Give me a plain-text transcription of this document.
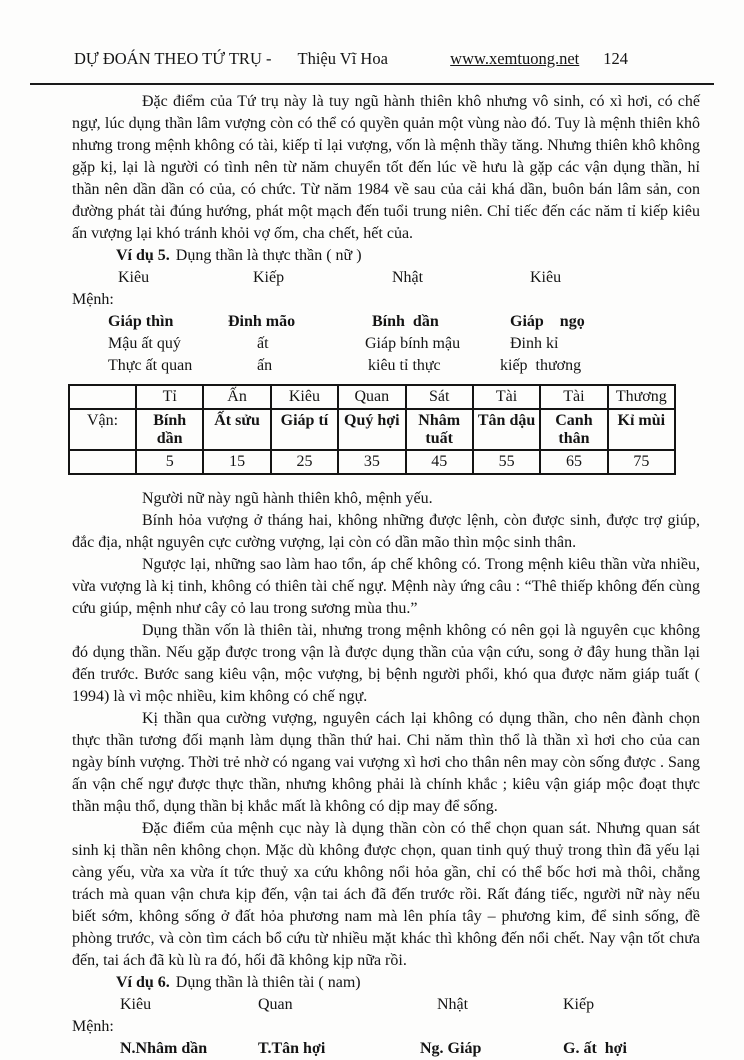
DỰ ĐOÁN THEO TỨ TRỤ - Thiệu Vĩ Hoa	www.xemtuong.net 124

Đặc điểm của Tứ trụ này là tuy ngũ hành thiên khô nhưng vô sinh, có xì hơi, có chế ngự, lúc dụng thần lâm vượng còn có thể có quyền quản một vùng nào đó. Tuy là mệnh thiên khô nhưng trong mệnh không có tài, kiếp tỉ lại vượng, vốn là mệnh thầy tăng. Nhưng thiên khô không gặp kị, lại là người có tình nên từ năm chuyển tốt đến lúc về hưu là gặp các vận dụng thần, hỉ thần nên dần dần có của, có chức. Từ năm 1984 về sau của cải khá dần, buôn bán lâm sản, con đường phát tài đúng hướng, phát một mạch đến tuổi trung niên. Chỉ tiếc đến các năm tỉ kiếp kiêu ấn vượng lại khó tránh khỏi vợ ốm, cha chết, hết của.

Ví dụ 5. Dụng thần là thực thần ( nữ )
Kiêu	Kiếp	Nhật	Kiêu
Mệnh:
Giáp thìn	Đinh mão	Bính  dần	Giáp    ngọ
Mậu ất quý	ất	Giáp bính mậu	Đinh kỉ
Thực ất quan	ấn	kiêu tỉ thực	kiếp  thương
	Tỉ	Ấn	Kiêu	Quan	Sát	Tài	Tài	Thương
Vận:	Bính dần	Ất sửu	Giáp tí	Quý hợi	Nhâm tuất	Tân dậu	Canh thân	Kỉ mùi
	5	15	25	35	45	55	65	75

Người nữ này ngũ hành thiên khô, mệnh yếu.

Bính hỏa vượng ở tháng hai, không những được lệnh, còn được sinh, được trợ giúp, đắc địa, nhật nguyên cực cường vượng, lại còn có dần mão thìn mộc sinh thân.

Ngược lại, những sao làm hao tổn, áp chế không có. Trong mệnh kiêu thần vừa nhiều, vừa vượng là kị tinh, không có thiên tài chế ngự. Mệnh này ứng câu : “Thê thiếp không đến cùng cứu giúp, mệnh như cây cỏ lau trong sương mùa thu.”

Dụng thần vốn là thiên tài, nhưng trong mệnh không có nên gọi là nguyên cục không đó dụng thần. Nếu gặp được trong vận là được dụng thần của vận cứu, song ở đây hung thần lại đến trước. Bước sang kiêu vận, mộc vượng, bị bệnh người phổi, khó qua được năm giáp tuất ( 1994) là vì mộc nhiều, kim không có chế ngự.

Kị thần qua cường vượng, nguyên cách lại không có dụng thần, cho nên đành chọn thực thần tương đối mạnh làm dụng thần thứ hai. Chi năm thìn thổ là thần xì hơi cho của can ngày bính vượng. Thời trẻ nhờ có ngang vai vượng xì hơi cho thân nên may còn sống được . Sang ấn vận chế ngự được thực thần, nhưng không phải là chính khắc ; kiêu vận giáp mộc đoạt thực thần mậu thổ, dụng thần bị khắc mất là không có dịp may để sống.

Đặc điểm của mệnh cục này là dụng thần còn có thể chọn quan sát. Nhưng quan sát sinh kị thần nên không chọn. Mặc dù không được chọn, quan tinh quý thuỷ trong thìn đã yếu lại càng yếu, vừa xa vừa ít tức thuỷ xa cứu không nổi hỏa gần, chỉ có thể bốc hơi mà thôi, chẳng trách mà quan vận chưa kịp đến, vận tai ách đã đến trước rồi. Rất đáng tiếc, người nữ này nếu biết sớm, không sống ở đất hỏa phương nam mà lên phía tây – phương kim, để sinh sống, đề phòng trước, và còn tìm cách bổ cứu từ nhiều mặt khác thì không đến nổi chết. Nay vận tốt chưa đến, tai ách đã kù lù ra đó, hối đã không kịp nữa rồi.

Ví dụ 6. Dụng thần là thiên tài ( nam)
Kiêu	Quan	Nhật	Kiếp
Mệnh:
N.Nhâm dần	T.Tân hợi	Ng. Giáp	G. ất  hợi
